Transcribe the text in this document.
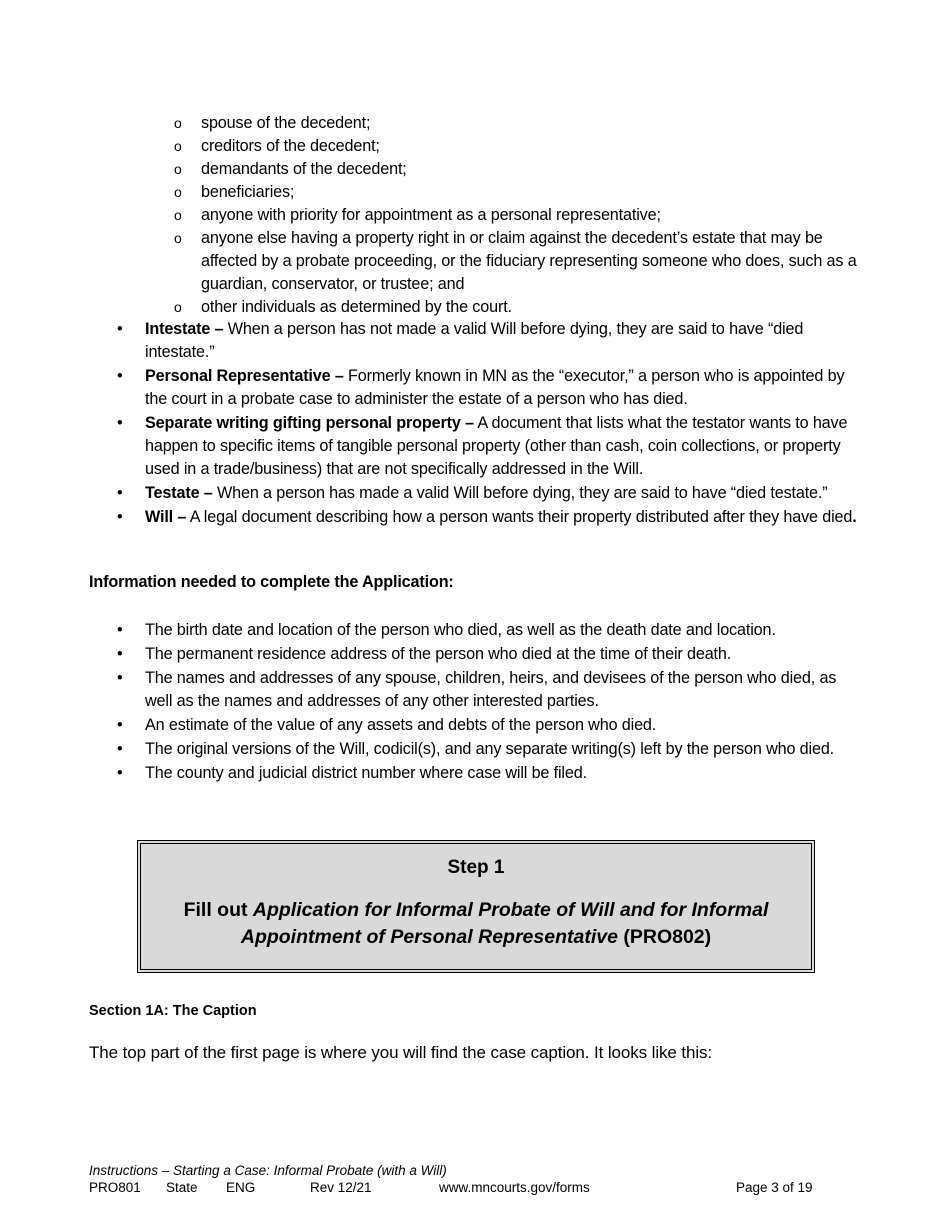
o spouse of the decedent;
o creditors of the decedent;
o demandants of the decedent;
o beneficiaries;
o anyone with priority for appointment as a personal representative;
o anyone else having a property right in or claim against the decedent’s estate that may be affected by a probate proceeding, or the fiduciary representing someone who does, such as a guardian, conservator, or trustee; and
o other individuals as determined by the court.
• Intestate – When a person has not made a valid Will before dying, they are said to have “died intestate.”
• Personal Representative – Formerly known in MN as the “executor,” a person who is appointed by the court in a probate case to administer the estate of a person who has died.
• Separate writing gifting personal property – A document that lists what the testator wants to have happen to specific items of tangible personal property (other than cash, coin collections, or property used in a trade/business) that are not specifically addressed in the Will.
• Testate – When a person has made a valid Will before dying, they are said to have “died testate.”
• Will – A legal document describing how a person wants their property distributed after they have died.
Information needed to complete the Application:
• The birth date and location of the person who died, as well as the death date and location.
• The permanent residence address of the person who died at the time of their death.
• The names and addresses of any spouse, children, heirs, and devisees of the person who died, as well as the names and addresses of any other interested parties.
• An estimate of the value of any assets and debts of the person who died.
• The original versions of the Will, codicil(s), and any separate writing(s) left by the person who died.
• The county and judicial district number where case will be filed.
Step 1
Fill out Application for Informal Probate of Will and for Informal Appointment of Personal Representative (PRO802)
Section 1A: The Caption
The top part of the first page is where you will find the case caption. It looks like this:
Instructions – Starting a Case: Informal Probate (with a Will)
PRO801 State ENG	Rev 12/21	www.mncourts.gov/forms	Page 3 of 19
